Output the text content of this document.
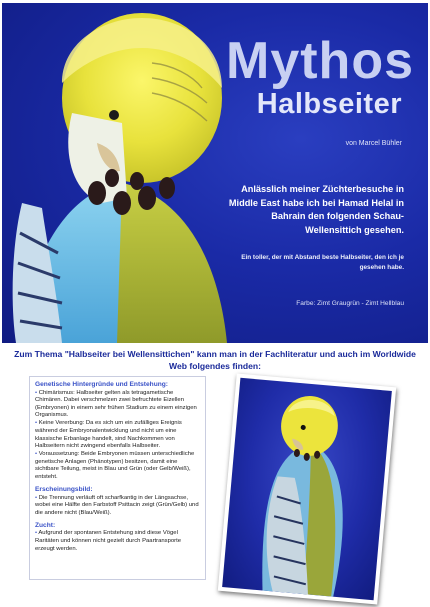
Mythos
Halbseiter
von Marcel Bühler
Anlässlich meiner Züchterbesuche in Middle East habe ich bei Hamad Helal in Bahrain den folgenden Schau-Wellensittich gesehen.
Ein toller, der mit Abstand beste Halbseiter, den ich je gesehen habe.
Farbe: Zimt Graugrün - Zimt Hellblau
Zum Thema "Halbseiter bei Wellensittichen" kann man in der Fachliteratur und auch im Worldwide Web folgendes finden:
Genetische Hintergründe und Entstehung:
• Chimärismus: Halbseiter gelten als tetragametische Chimären. Dabei verschmelzen zwei befruchtete Eizellen (Embryonen) in einem sehr frühen Stadium zu einem einzigen Organismus.
• Keine Vererbung: Da es sich um ein zufälliges Ereignis während der Embryonalentwicklung und nicht um eine klassische Erbanlage handelt, sind Nachkommen von Halbseitern nicht zwingend ebenfalls Halbseiter.
• Voraussetzung: Beide Embryonen müssen unterschiedliche genetische Anlagen (Phänotypen) besitzen, damit eine sichtbare Teilung, meist in Blau und Grün (oder Gelb/Weiß), entsteht.
Erscheinungsbild:
• Die Trennung verläuft oft scharfkantig in der Längsachse, wobei eine Hälfte den Farbstoff Psittacin zeigt (Grün/Gelb) und die andere nicht (Blau/Weiß).
Zucht:
• Aufgrund der spontanen Entstehung sind diese Vögel Raritäten und können nicht gezielt durch Paartransporte erzeugt werden.
